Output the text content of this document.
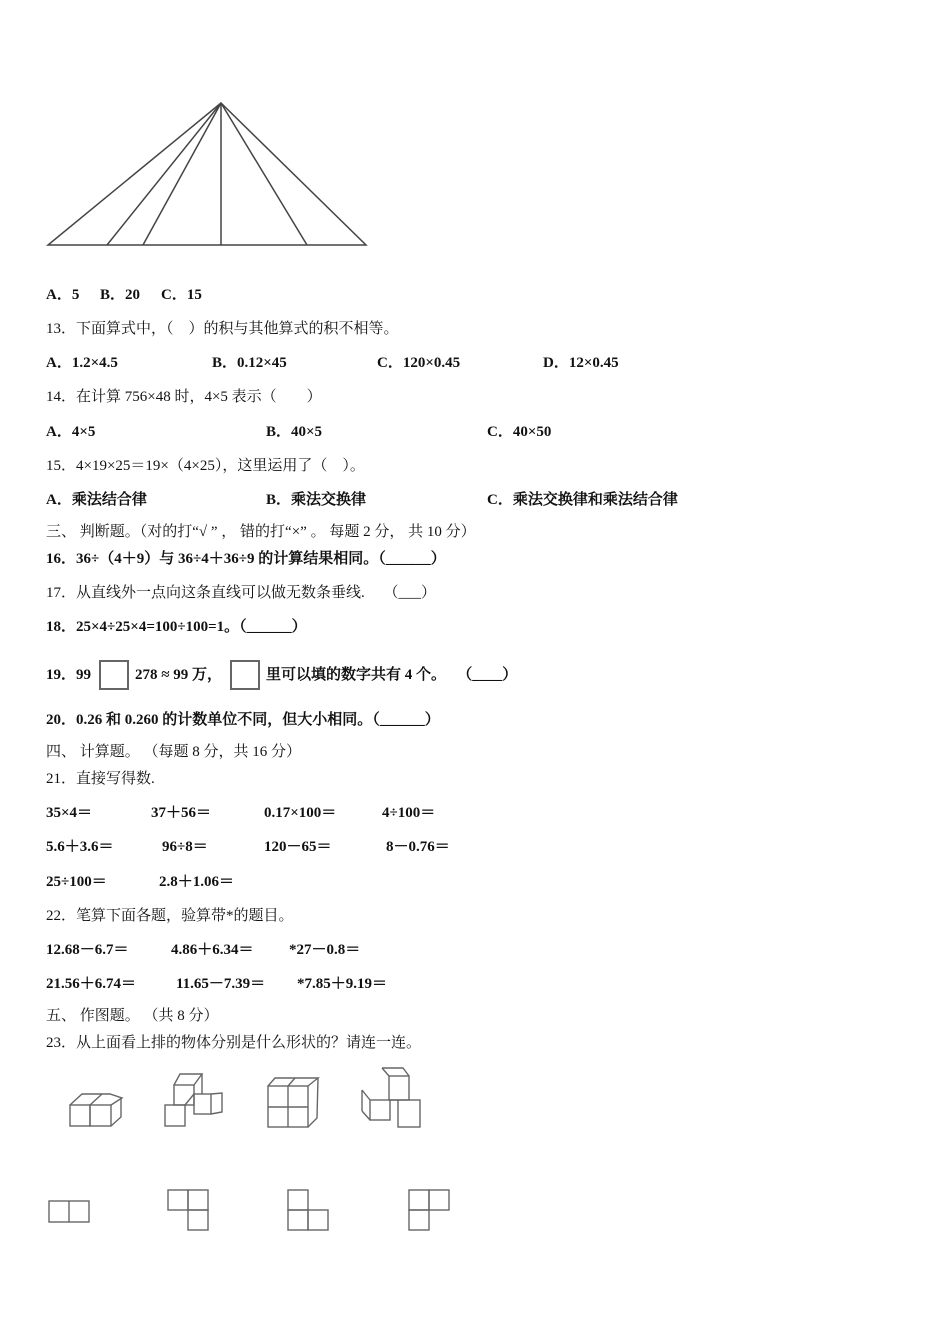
A．5	B．20	C．15
13．下面算式中，（　）的积与其他算式的积不相等。
A．1.2×4.5	B．0.12×45	C．120×0.45	D．12×0.45
14．在计算 756×48 时，4×5 表示（　　）
A．4×5	B．40×5	C．40×50
15．4×19×25＝19×（4×25），这里运用了（　）。
A．乘法结合律	B．乘法交换律	C．乘法交换律和乘法结合律
三、 判断题。（对的打“√ ” ， 错的打“×” 。 每题 2 分， 共 10 分）
16．36÷（4＋9）与 36÷4＋36÷9 的计算结果相同。（______）
17．从直线外一点向这条直线可以做无数条垂线.　 （___）
18．25×4÷25×4=100÷100=1。（______）
19．99	278 ≈ 99 万，	里可以填的数字共有 4 个。　 （____）
20．0.26 和 0.260 的计数单位不同，但大小相同。（______）
四、 计算题。 （每题 8 分，共 16 分）
21．直接写得数.
35×4＝	37＋56＝	0.17×100＝	4÷100＝
5.6＋3.6＝	96÷8＝	120－65＝	8－0.76＝
25÷100＝	2.8＋1.06＝
22．笔算下面各题，验算带*的题目。
12.68－6.7＝	4.86＋6.34＝	*27－0.8＝
21.56＋6.74＝	11.65－7.39＝	*7.85＋9.19＝
五、 作图题。 （共 8 分）
23．从上面看上排的物体分别是什么形状的？请连一连。
